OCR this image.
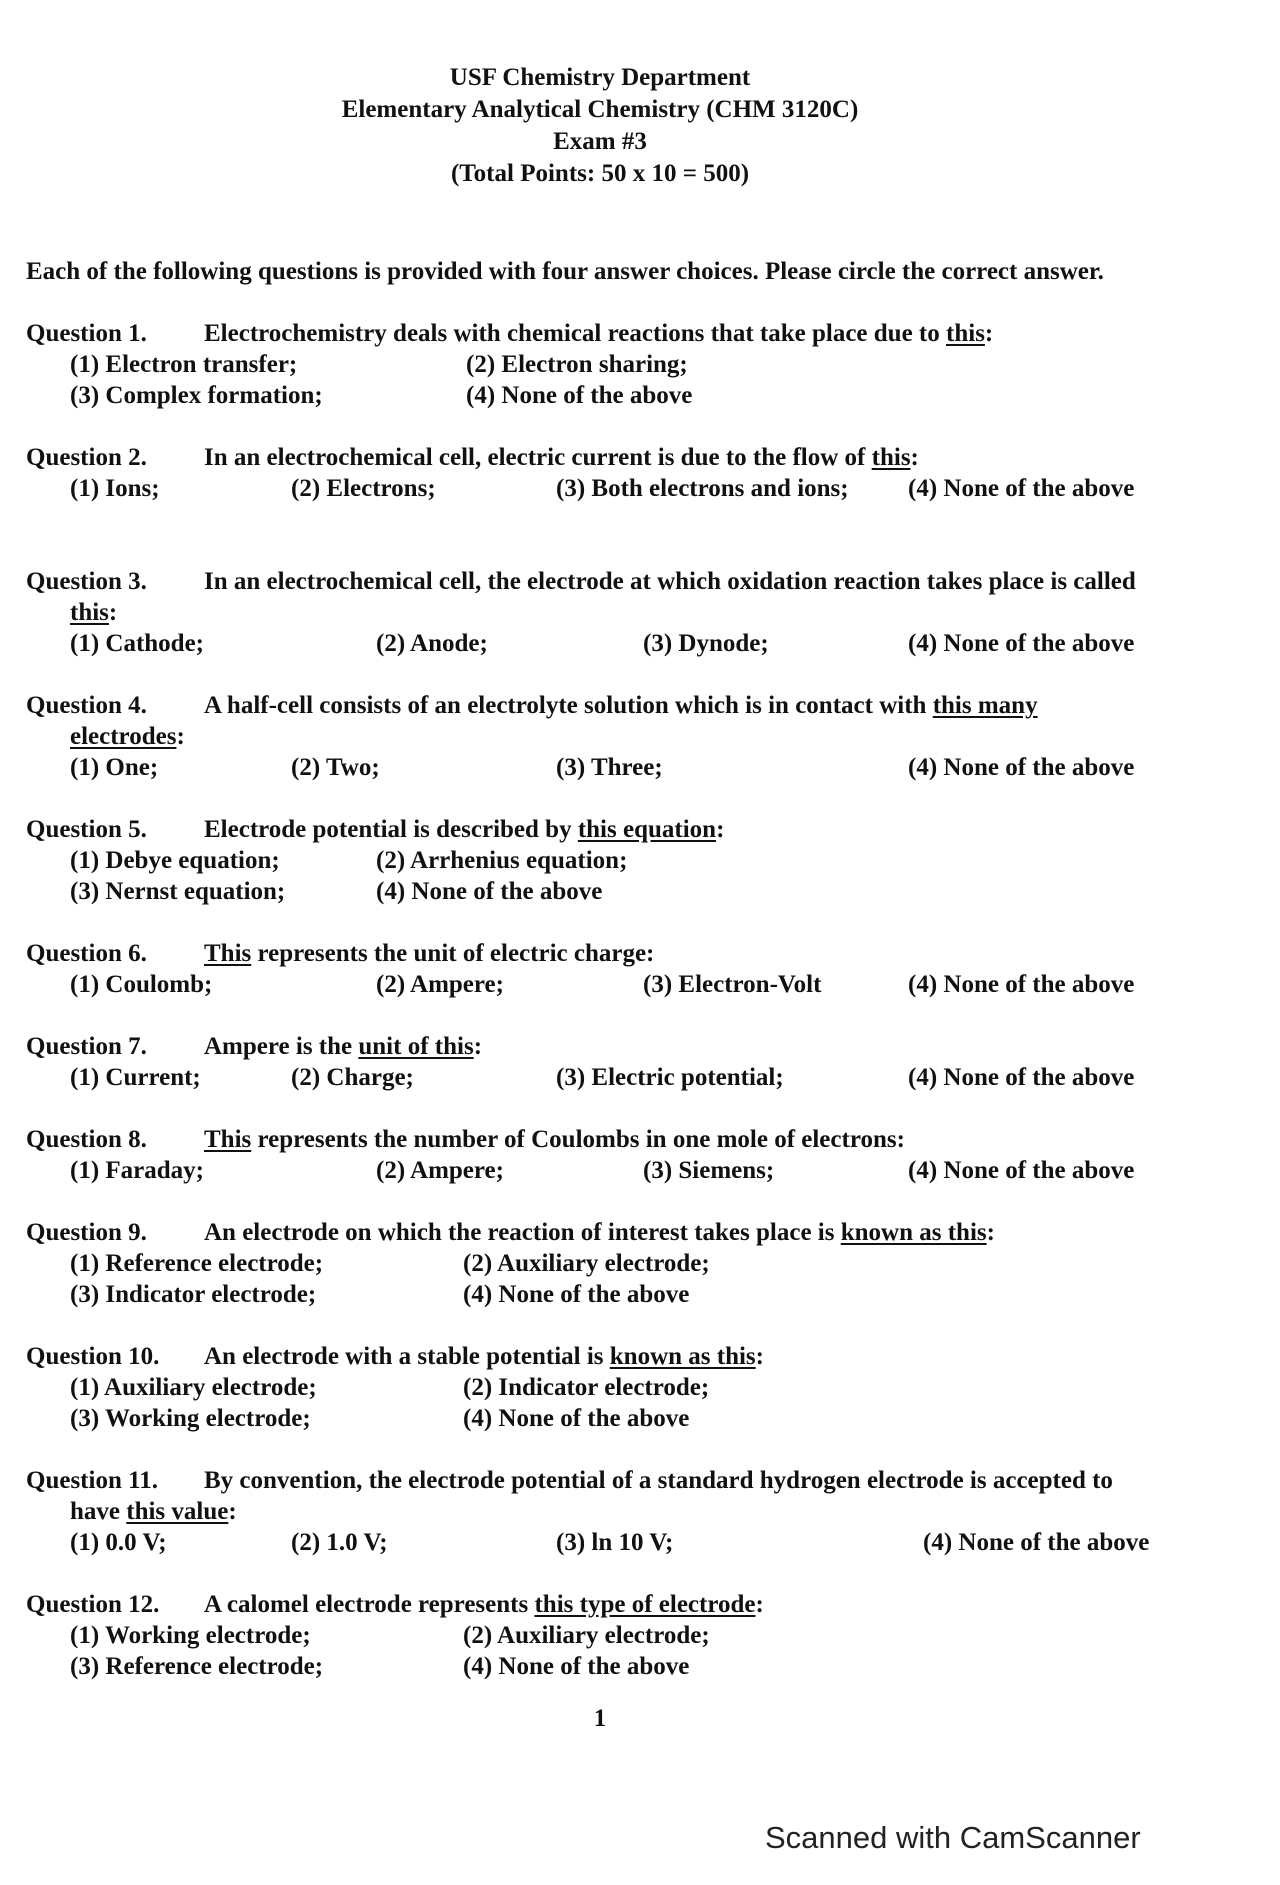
USF Chemistry Department
Elementary Analytical Chemistry (CHM 3120C)
Exam #3
(Total Points: 50 x 10 = 500)
Each of the following questions is provided with four answer choices. Please circle the correct answer.
Question 1. Electrochemistry deals with chemical reactions that take place due to this:
(1) Electron transfer;	(2) Electron sharing;
(3) Complex formation;	(4) None of the above
Question 2. In an electrochemical cell, electric current is due to the flow of this:
(1) Ions;	(2) Electrons;	(3) Both electrons and ions; (4) None of the above
Question 3. In an electrochemical cell, the electrode at which oxidation reaction takes place is called
this:
(1) Cathode;	(2) Anode;	(3) Dynode;	(4) None of the above
Question 4. A half-cell consists of an electrolyte solution which is in contact with this many
electrodes:
(1) One;	(2) Two;	(3) Three;	(4) None of the above
Question 5. Electrode potential is described by this equation:
(1) Debye equation;	(2) Arrhenius equation;
(3) Nernst equation;	(4) None of the above
Question 6. This represents the unit of electric charge:
(1) Coulomb;	(2) Ampere;	(3) Electron-Volt	(4) None of the above
Question 7. Ampere is the unit of this:
(1) Current;	(2) Charge;	(3) Electric potential;	(4) None of the above
Question 8. This represents the number of Coulombs in one mole of electrons:
(1) Faraday;	(2) Ampere;	(3) Siemens;	(4) None of the above
Question 9. An electrode on which the reaction of interest takes place is known as this:
(1) Reference electrode;	(2) Auxiliary electrode;
(3) Indicator electrode;	(4) None of the above
Question 10. An electrode with a stable potential is known as this:
(1) Auxiliary electrode;	(2) Indicator electrode;
(3) Working electrode;	(4) None of the above
Question 11. By convention, the electrode potential of a standard hydrogen electrode is accepted to
have this value:
(1) 0.0 V;	(2) 1.0 V;	(3) ln 10 V;	(4) None of the above
Question 12. A calomel electrode represents this type of electrode:
(1) Working electrode;	(2) Auxiliary electrode;
(3) Reference electrode;	(4) None of the above
1
Scanned with CamScanner
